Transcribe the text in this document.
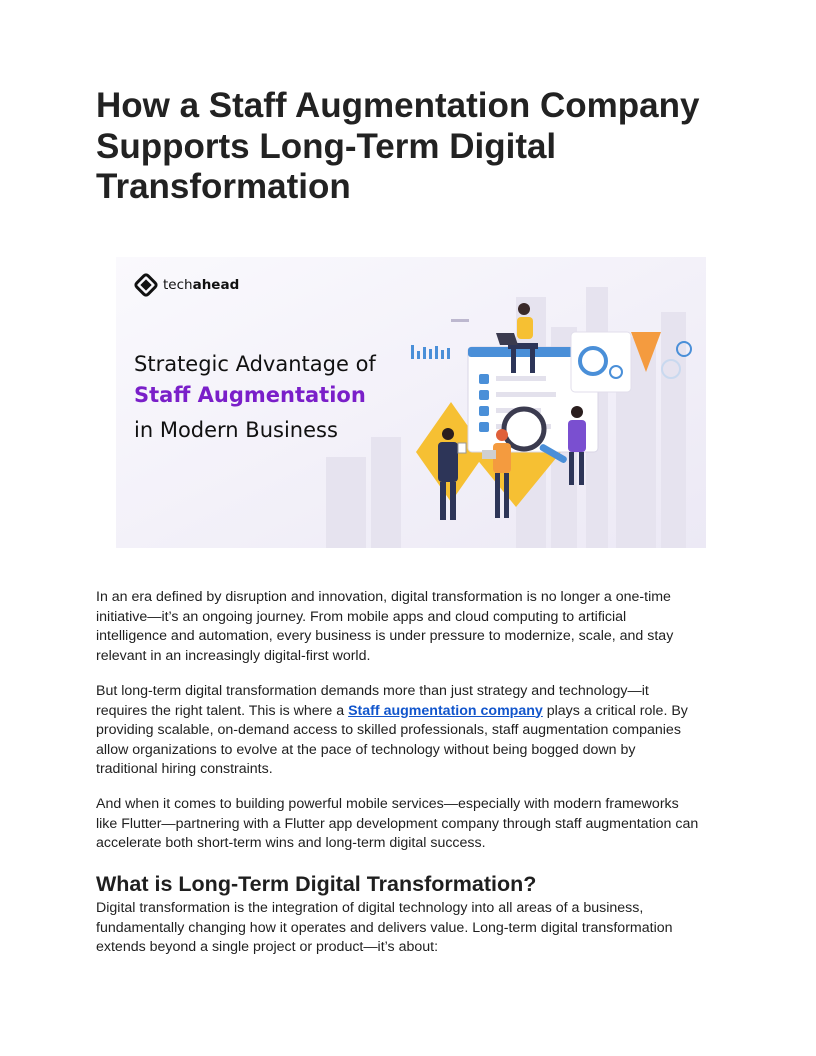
How a Staff Augmentation Company
Supports Long-Term Digital
Transformation
techahead
Strategic Advantage of
Staff Augmentation
in Modern Business

In an era defined by disruption and innovation, digital transformation is no longer a one-time
initiative—it’s an ongoing journey. From mobile apps and cloud computing to artificial
intelligence and automation, every business is under pressure to modernize, scale, and stay
relevant in an increasingly digital-first world.

But long-term digital transformation demands more than just strategy and technology—it
requires the right talent. This is where a Staff augmentation company plays a critical role. By
providing scalable, on-demand access to skilled professionals, staff augmentation companies
allow organizations to evolve at the pace of technology without being bogged down by
traditional hiring constraints.

And when it comes to building powerful mobile services—especially with modern frameworks
like Flutter—partnering with a Flutter app development company through staff augmentation can
accelerate both short-term wins and long-term digital success.

What is Long-Term Digital Transformation?

Digital transformation is the integration of digital technology into all areas of a business,
fundamentally changing how it operates and delivers value. Long-term digital transformation
extends beyond a single project or product—it’s about:
